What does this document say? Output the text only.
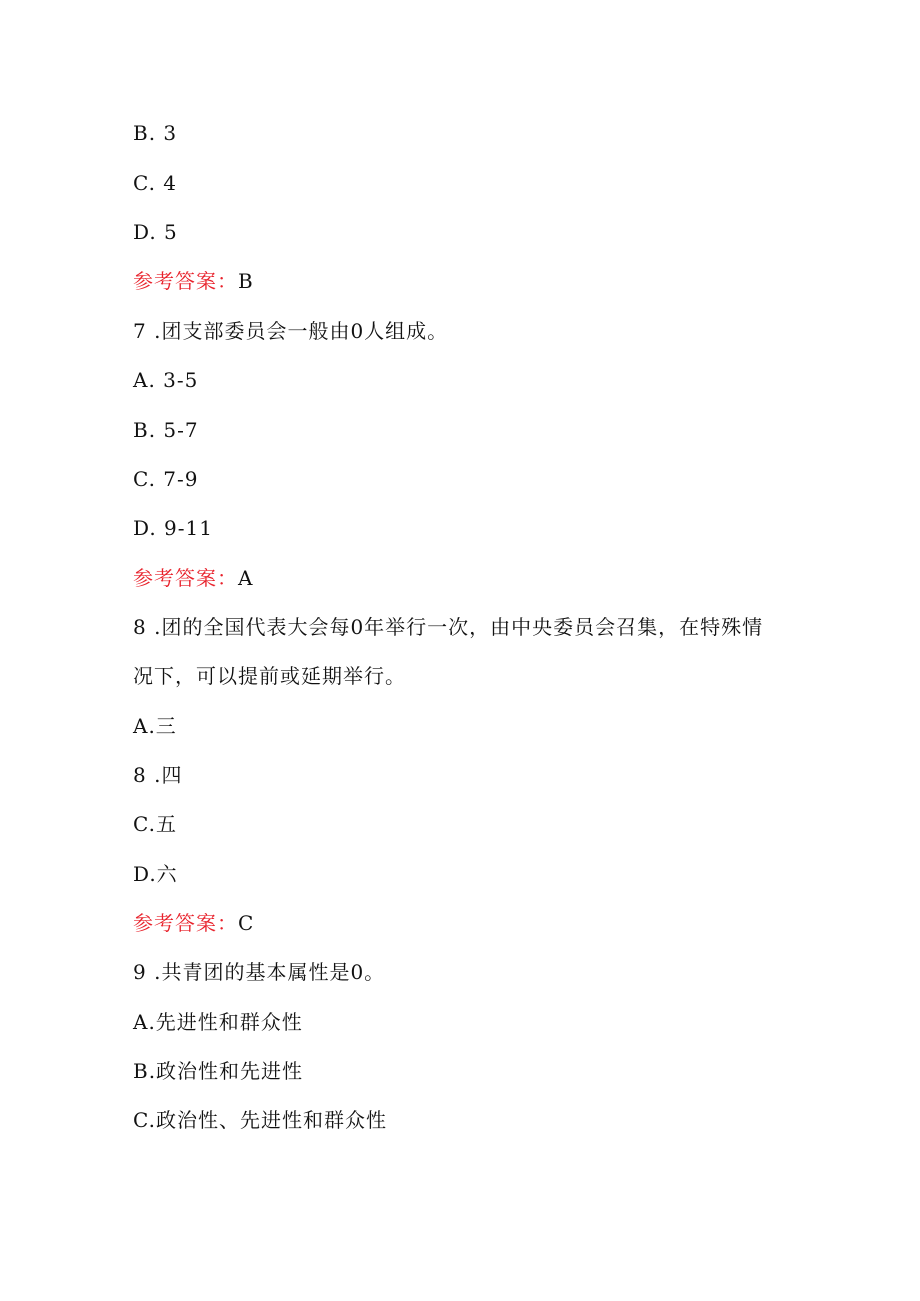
B. 3
C. 4
D. 5
参考答案：B
7 .团支部委员会一般由0人组成。
A. 3-5
B. 5-7
C. 7-9
D. 9-11
参考答案：A
8 .团的全国代表大会每0年举行一次，由中央委员会召集，在特殊情
况下，可以提前或延期举行。
A.三
8 .四
C.五
D.六
参考答案：C
9 .共青团的基本属性是0。
A.先进性和群众性
B.政治性和先进性
C.政治性、先进性和群众性
